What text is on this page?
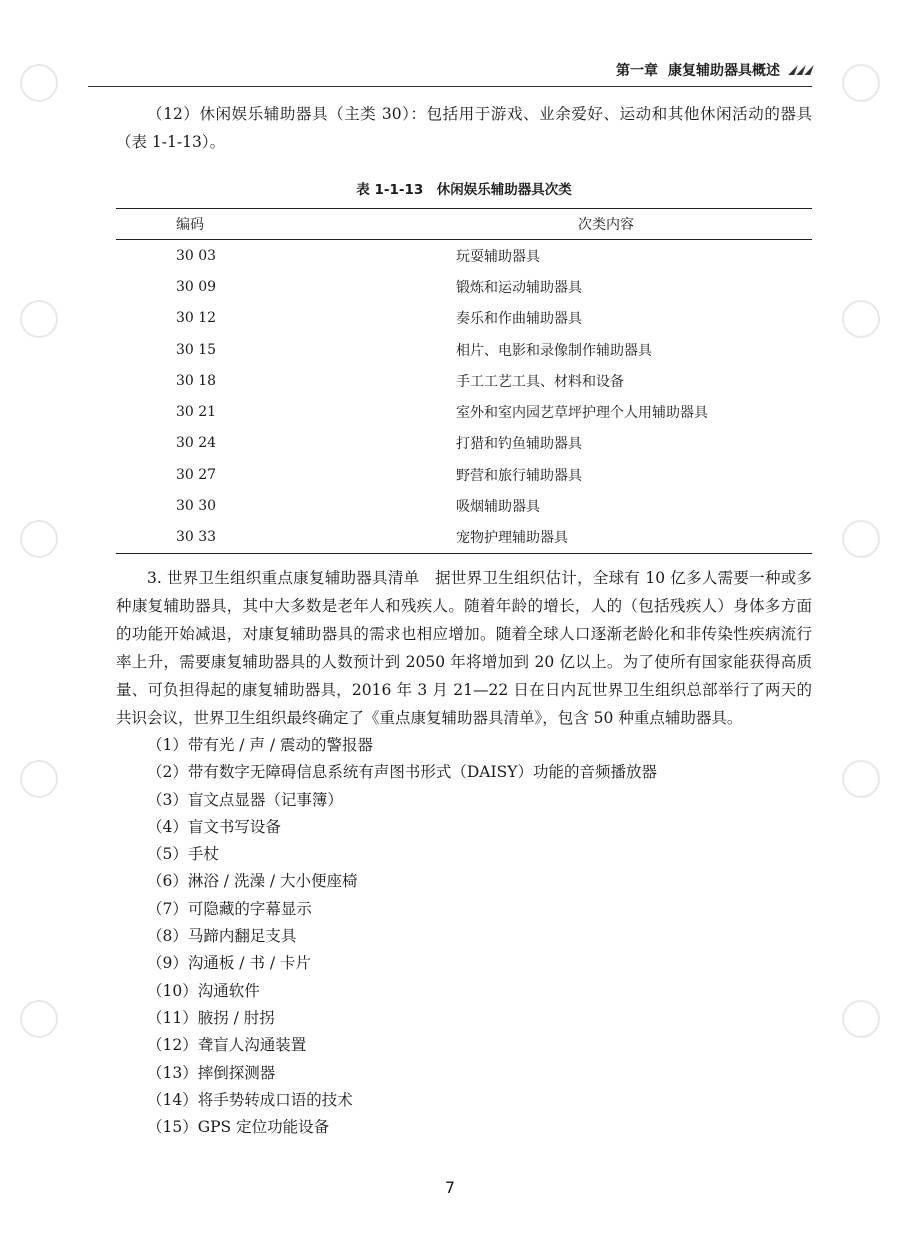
第一章 康复辅助器具概述

（12）休闲娱乐辅助器具（主类 30）：包括用于游戏、业余爱好、运动和其他休闲活动的器具（表 1-1-13）。

表 1-1-13　休闲娱乐辅助器具次类
编码	次类内容
30 03	玩耍辅助器具
30 09	锻炼和运动辅助器具
30 12	奏乐和作曲辅助器具
30 15	相片、电影和录像制作辅助器具
30 18	手工工艺工具、材料和设备
30 21	室外和室内园艺草坪护理个人用辅助器具
30 24	打猎和钓鱼辅助器具
30 27	野营和旅行辅助器具
30 30	吸烟辅助器具
30 33	宠物护理辅助器具

3. 世界卫生组织重点康复辅助器具清单　据世界卫生组织估计，全球有 10 亿多人需要一种或多种康复辅助器具，其中大多数是老年人和残疾人。随着年龄的增长，人的（包括残疾人）身体多方面的功能开始减退，对康复辅助器具的需求也相应增加。随着全球人口逐渐老龄化和非传染性疾病流行率上升，需要康复辅助器具的人数预计到 2050 年将增加到 20 亿以上。为了使所有国家能获得高质量、可负担得起的康复辅助器具，2016 年 3 月 21—22 日在日内瓦世界卫生组织总部举行了两天的共识会议，世界卫生组织最终确定了《重点康复辅助器具清单》，包含 50 种重点辅助器具。

（1）带有光 / 声 / 震动的警报器
（2）带有数字无障碍信息系统有声图书形式（DAISY）功能的音频播放器
（3）盲文点显器（记事簿）
（4）盲文书写设备
（5）手杖
（6）淋浴 / 洗澡 / 大小便座椅
（7）可隐藏的字幕显示
（8）马蹄内翻足支具
（9）沟通板 / 书 / 卡片
（10）沟通软件
（11）腋拐 / 肘拐
（12）聋盲人沟通装置
（13）摔倒探测器
（14）将手势转成口语的技术
（15）GPS 定位功能设备
7
